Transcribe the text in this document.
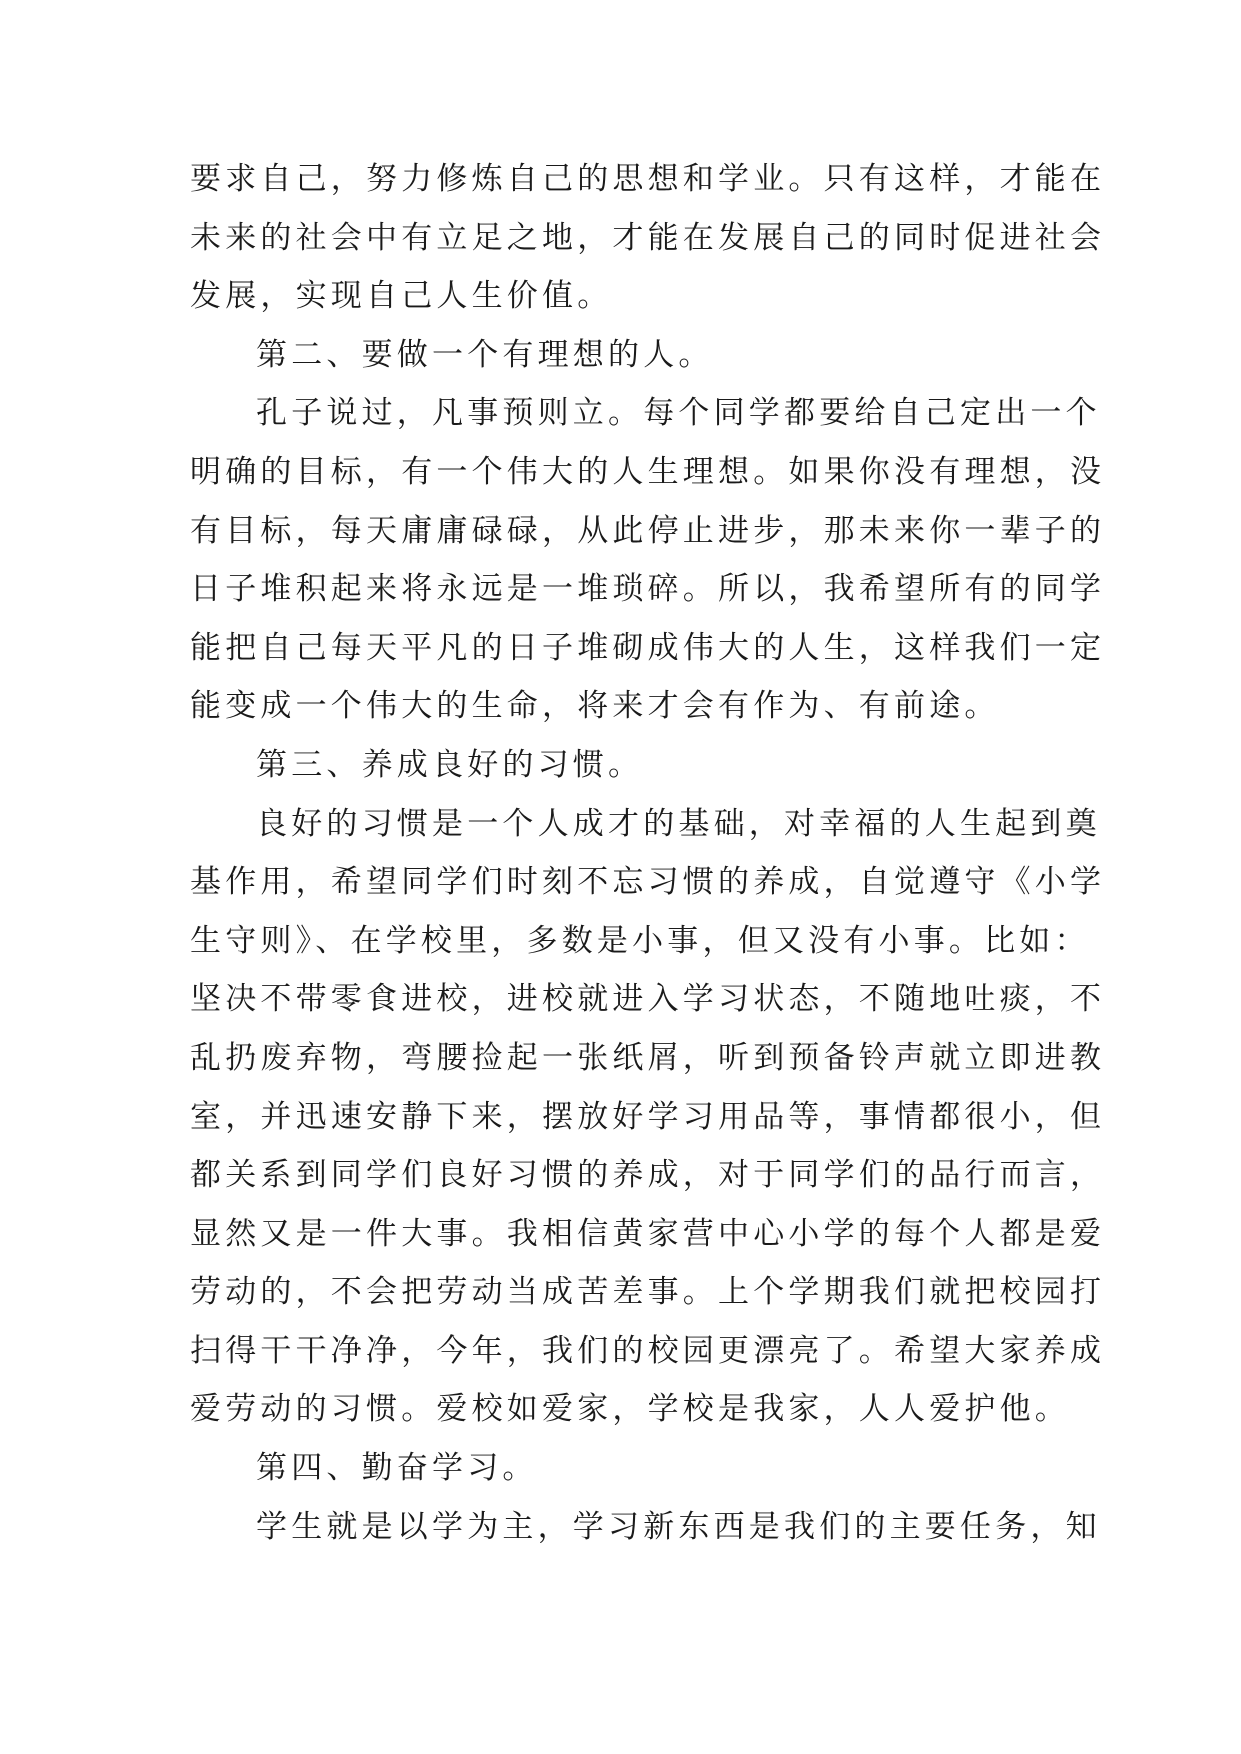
要求自己，努力修炼自己的思想和学业。只有这样，才能在
未来的社会中有立足之地，才能在发展自己的同时促进社会
发展，实现自己人生价值。
第二、要做一个有理想的人。
孔子说过，凡事预则立。每个同学都要给自己定出一个
明确的目标，有一个伟大的人生理想。如果你没有理想，没
有目标，每天庸庸碌碌，从此停止进步，那未来你一辈子的
日子堆积起来将永远是一堆琐碎。所以，我希望所有的同学
能把自己每天平凡的日子堆砌成伟大的人生，这样我们一定
能变成一个伟大的生命，将来才会有作为、有前途。
第三、养成良好的习惯。
良好的习惯是一个人成才的基础，对幸福的人生起到奠
基作用，希望同学们时刻不忘习惯的养成，自觉遵守《小学
生守则》、在学校里，多数是小事，但又没有小事。比如：
坚决不带零食进校，进校就进入学习状态，不随地吐痰，不
乱扔废弃物，弯腰捡起一张纸屑，听到预备铃声就立即进教
室，并迅速安静下来，摆放好学习用品等，事情都很小，但
都关系到同学们良好习惯的养成，对于同学们的品行而言，
显然又是一件大事。我相信黄家营中心小学的每个人都是爱
劳动的，不会把劳动当成苦差事。上个学期我们就把校园打
扫得干干净净，今年，我们的校园更漂亮了。希望大家养成
爱劳动的习惯。爱校如爱家，学校是我家，人人爱护他。
第四、勤奋学习。
学生就是以学为主，学习新东西是我们的主要任务，知
